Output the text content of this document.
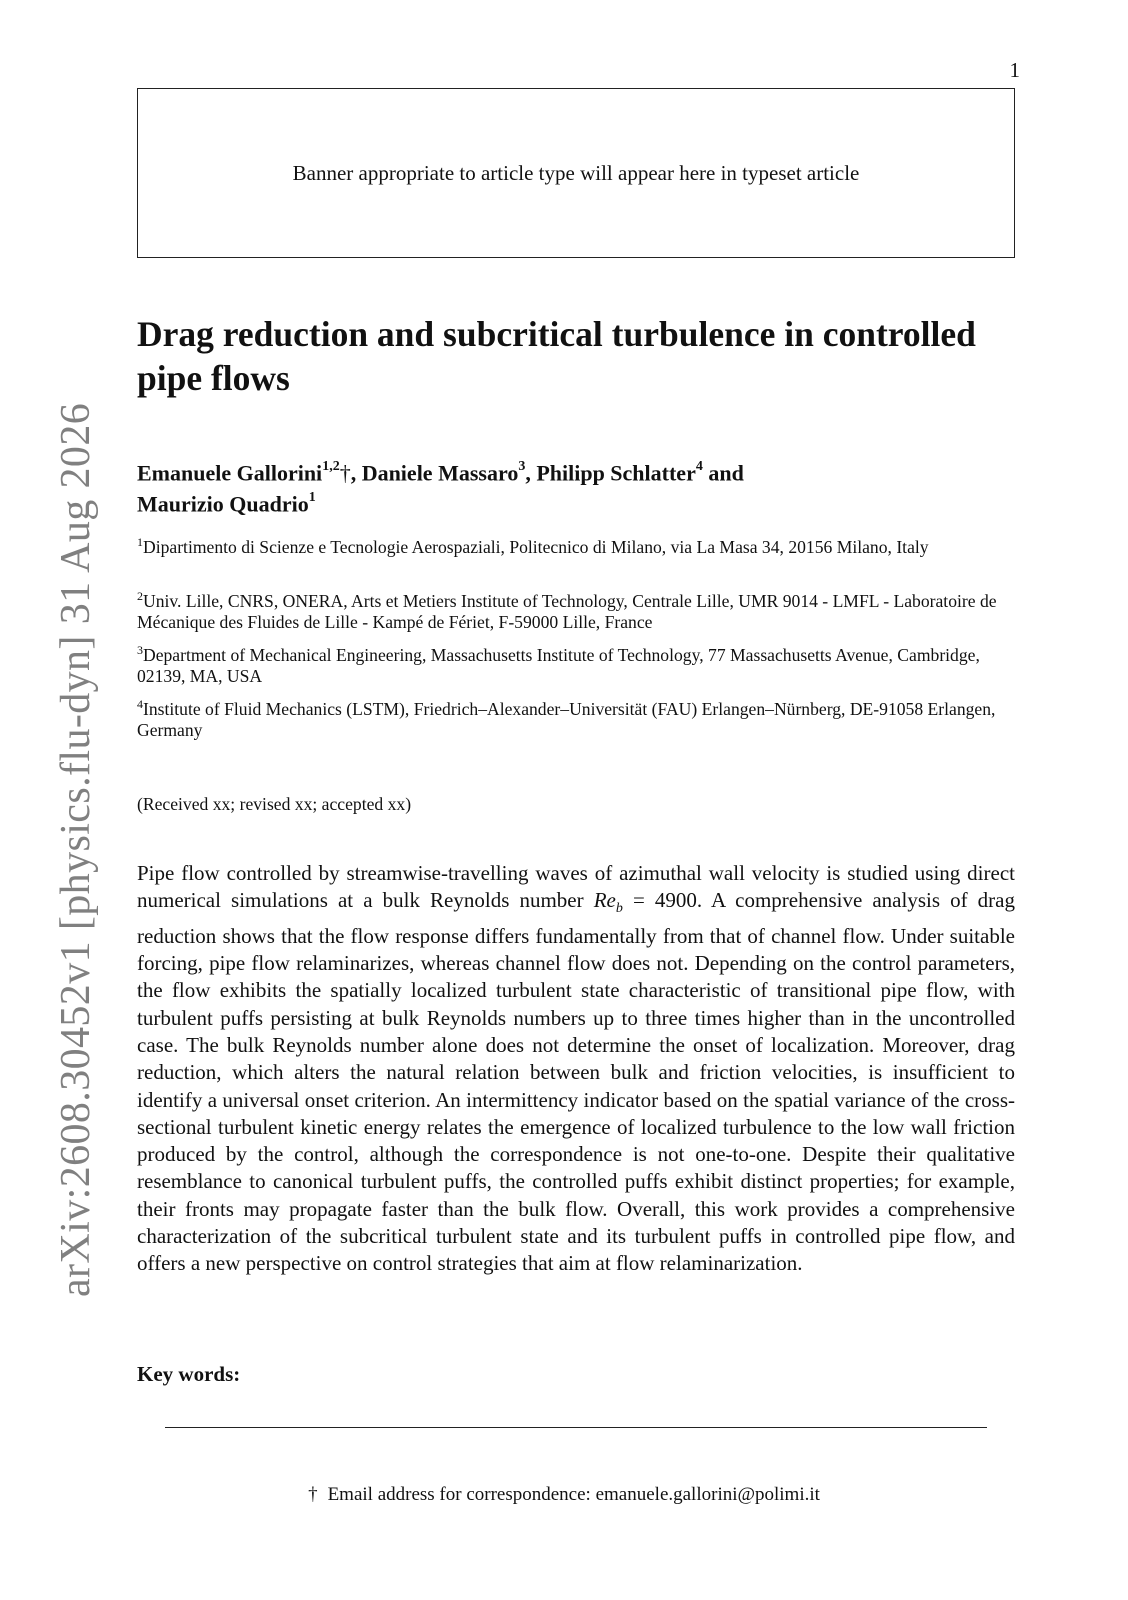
1
Banner appropriate to article type will appear here in typeset article
arXiv:2608.30452v1 [physics.flu-dyn] 31 Aug 2026
Drag reduction and subcritical turbulence in controlled pipe flows
Emanuele Gallorini$^{1,2}$†, Daniele Massaro$^3$, Philipp Schlatter$^4$ and
Maurizio Quadrio$^1$
$^1$Dipartimento di Scienze e Tecnologie Aerospaziali, Politecnico di Milano, via La Masa 34, 20156 Milano, Italy
$^2$Univ. Lille, CNRS, ONERA, Arts et Metiers Institute of Technology, Centrale Lille, UMR 9014 - LMFL - Laboratoire de Mécanique des Fluides de Lille - Kampé de Fériet, F-59000 Lille, France
$^3$Department of Mechanical Engineering, Massachusetts Institute of Technology, 77 Massachusetts Avenue, Cambridge, 02139, MA, USA
$^4$Institute of Fluid Mechanics (LSTM), Friedrich–Alexander–Universität (FAU) Erlangen–Nürnberg, DE-91058 Erlangen, Germany
(Received xx; revised xx; accepted xx)

Pipe flow controlled by streamwise-travelling waves of azimuthal wall velocity is studied using direct numerical simulations at a bulk Reynolds number $Re_b = 4900$. A comprehensive analysis of drag reduction shows that the flow response differs fundamentally from that of channel flow. Under suitable forcing, pipe flow relaminarizes, whereas channel flow does not. Depending on the control parameters, the flow exhibits the spatially localized turbulent state characteristic of transitional pipe flow, with turbulent puffs persisting at bulk Reynolds numbers up to three times higher than in the uncontrolled case. The bulk Reynolds number alone does not determine the onset of localization. Moreover, drag reduction, which alters the natural relation between bulk and friction velocities, is insufficient to identify a universal onset criterion. An intermittency indicator based on the spatial variance of the cross-sectional turbulent kinetic energy relates the emergence of localized turbulence to the low wall friction produced by the control, although the correspondence is not one-to-one. Despite their qualitative resemblance to canonical turbulent puffs, the controlled puffs exhibit distinct properties; for example, their fronts may propagate faster than the bulk flow. Overall, this work provides a comprehensive characterization of the subcritical turbulent state and its turbulent puffs in controlled pipe flow, and offers a new perspective on control strategies that aim at flow relaminarization.

Key words:
† Email address for correspondence: emanuele.gallorini@polimi.it
